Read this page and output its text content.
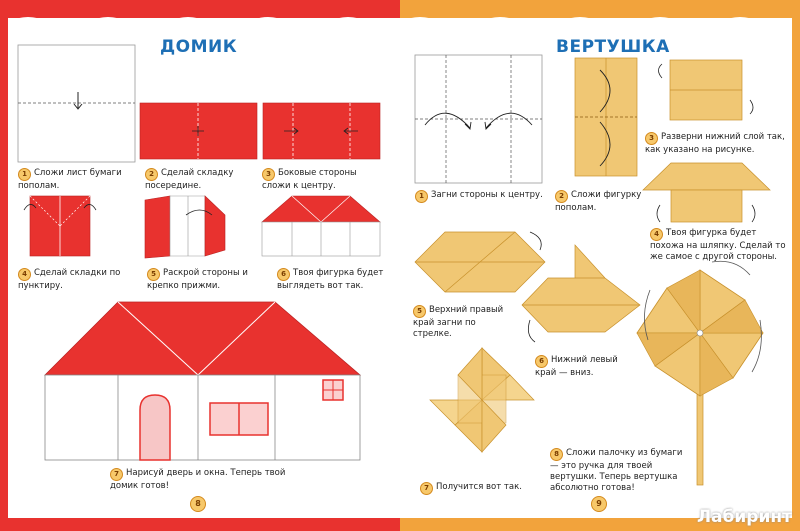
ДОМИК	ВЕРТУШКА
1 Сложи лист бумаги пополам.
2 Сделай складку посередине.
3 Боковые стороны сложи к центру.
4 Сделай складки по пунктиру.
5 Раскрой стороны и крепко прижми.
6 Твоя фигурка будет выглядеть вот так.
7 Нарисуй дверь и окна. Теперь твой домик готов!
8
1 Загни стороны к центру.	2 Сложи фигурку пополам.
3 Разверни нижний слой так, как указано на рисунке.
4 Твоя фигурка будет похожа на шляпку. Сделай то же самое с другой стороны.
5 Верхний правый край загни по стрелке.
6 Нижний левый край — вниз.
7 Получится вот так.
8 Сложи палочку из бумаги — это ручка для твоей вертушки. Теперь вертушка абсолютно готова!
9
Лабиринт
